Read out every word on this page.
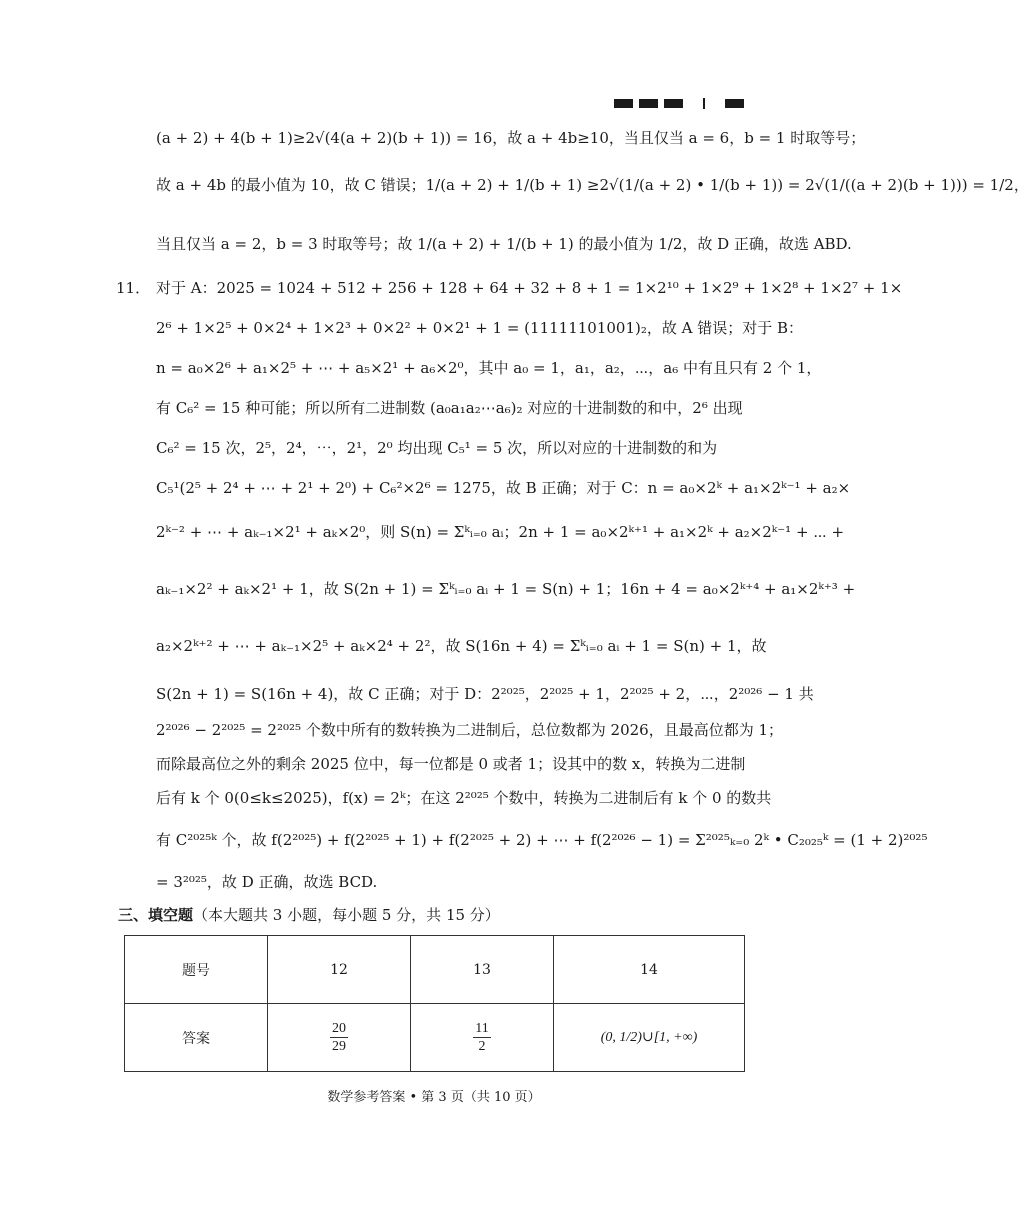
(a + 2) + 4(b + 1)≥2√(4(a + 2)(b + 1)) = 16，故 a + 4b≥10，当且仅当 a = 6，b = 1 时取等号；

故 a + 4b 的最小值为 10，故 C 错误；1/(a + 2) + 1/(b + 1) ≥2√(1/(a + 2) • 1/(b + 1)) = 2√(1/((a + 2)(b + 1))) = 1/2，

当且仅当 a = 2，b = 3 时取等号；故 1/(a + 2) + 1/(b + 1) 的最小值为 1/2，故 D 正确，故选 ABD.

11． 对于 A：2025 = 1024 + 512 + 256 + 128 + 64 + 32 + 8 + 1 = 1×2¹⁰ + 1×2⁹ + 1×2⁸ + 1×2⁷ + 1×

2⁶ + 1×2⁵ + 0×2⁴ + 1×2³ + 0×2² + 0×2¹ + 1 = (11111101001)₂，故 A 错误；对于 B：

n = a₀×2⁶ + a₁×2⁵ + ⋯ + a₅×2¹ + a₆×2⁰，其中 a₀ = 1，a₁，a₂，⋯，a₆ 中有且只有 2 个 1，

有 C₆² = 15 种可能；所以所有二进制数 (a₀a₁a₂⋯a₆)₂ 对应的十进制数的和中，2⁶ 出现

C₆² = 15 次，2⁵，2⁴，⋯，2¹，2⁰ 均出现 C₅¹ = 5 次，所以对应的十进制数的和为

C₅¹(2⁵ + 2⁴ + ⋯ + 2¹ + 2⁰) + C₆²×2⁶ = 1275，故 B 正确；对于 C：n = a₀×2ᵏ + a₁×2ᵏ⁻¹ + a₂×

2ᵏ⁻² + ⋯ + aₖ₋₁×2¹ + aₖ×2⁰，则 S(n) = Σᵏᵢ₌₀ aᵢ；2n + 1 = a₀×2ᵏ⁺¹ + a₁×2ᵏ + a₂×2ᵏ⁻¹ + ⋯ +

aₖ₋₁×2² + aₖ×2¹ + 1，故 S(2n + 1) = Σᵏᵢ₌₀ aᵢ + 1 = S(n) + 1；16n + 4 = a₀×2ᵏ⁺⁴ + a₁×2ᵏ⁺³ +

a₂×2ᵏ⁺² + ⋯ + aₖ₋₁×2⁵ + aₖ×2⁴ + 2²，故 S(16n + 4) = Σᵏᵢ₌₀ aᵢ + 1 = S(n) + 1，故

S(2n + 1) = S(16n + 4)，故 C 正确；对于 D：2²⁰²⁵，2²⁰²⁵ + 1，2²⁰²⁵ + 2，⋯，2²⁰²⁶ − 1 共

2²⁰²⁶ − 2²⁰²⁵ = 2²⁰²⁵ 个数中所有的数转换为二进制后，总位数都为 2026，且最高位都为 1；

而除最高位之外的剩余 2025 位中，每一位都是 0 或者 1；设其中的数 x，转换为二进制

后有 k 个 0(0≤k≤2025)，f(x) = 2ᵏ；在这 2²⁰²⁵ 个数中，转换为二进制后有 k 个 0 的数共

有 C²⁰²⁵ᵏ 个，故 f(2²⁰²⁵) + f(2²⁰²⁵ + 1) + f(2²⁰²⁵ + 2) + ⋯ + f(2²⁰²⁶ − 1) = Σ²⁰²⁵ₖ₌₀ 2ᵏ • C₂₀₂₅ᵏ = (1 + 2)²⁰²⁵

= 3²⁰²⁵，故 D 正确，故选 BCD.

三、填空题（本大题共 3 小题，每小题 5 分，共 15 分）
题号	12	13	14
答案	$\frac{20}{29}$	$\frac{11}{2}$	(0, 1/2)∪[1, +∞)
数学参考答案 • 第 3 页（共 10 页）
